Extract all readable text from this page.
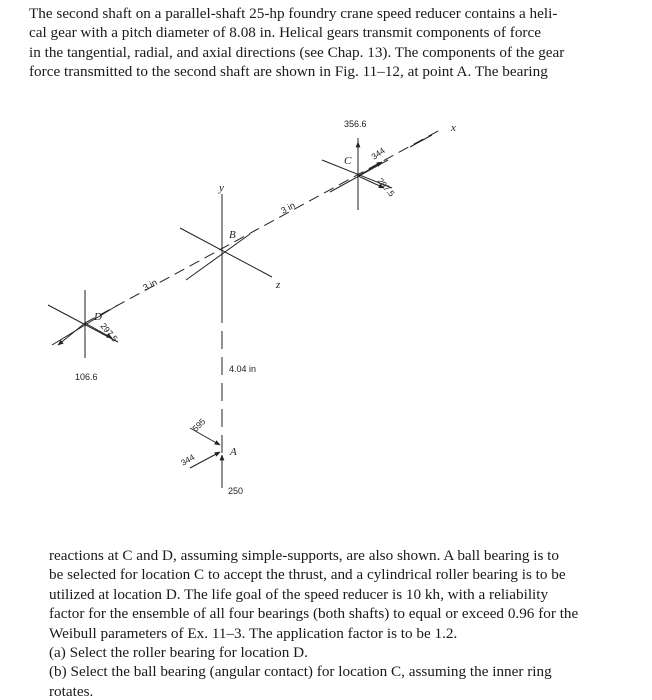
The second shaft on a parallel-shaft 25-hp foundry crane speed reducer contains a heli-
cal gear with a pitch diameter of 8.08 in. Helical gears transmit components of force
in the tangential, radial, and axial directions (see Chap. 13). The components of the gear
force transmitted to the second shaft are shown in Fig. 11–12, at point A. The bearing
x
y
z
C
B
D
A
3 in
3 in
4.04 in
356.6
344
297.5
106.6
297.5
595
344
250
reactions at C and D, assuming simple-supports, are also shown. A ball bearing is to
be selected for location C to accept the thrust, and a cylindrical roller bearing is to be
utilized at location D. The life goal of the speed reducer is 10 kh, with a reliability
factor for the ensemble of all four bearings (both shafts) to equal or exceed 0.96 for the
Weibull parameters of Ex. 11–3. The application factor is to be 1.2.
(a) Select the roller bearing for location D.
(b) Select the ball bearing (angular contact) for location C, assuming the inner ring
rotates.
